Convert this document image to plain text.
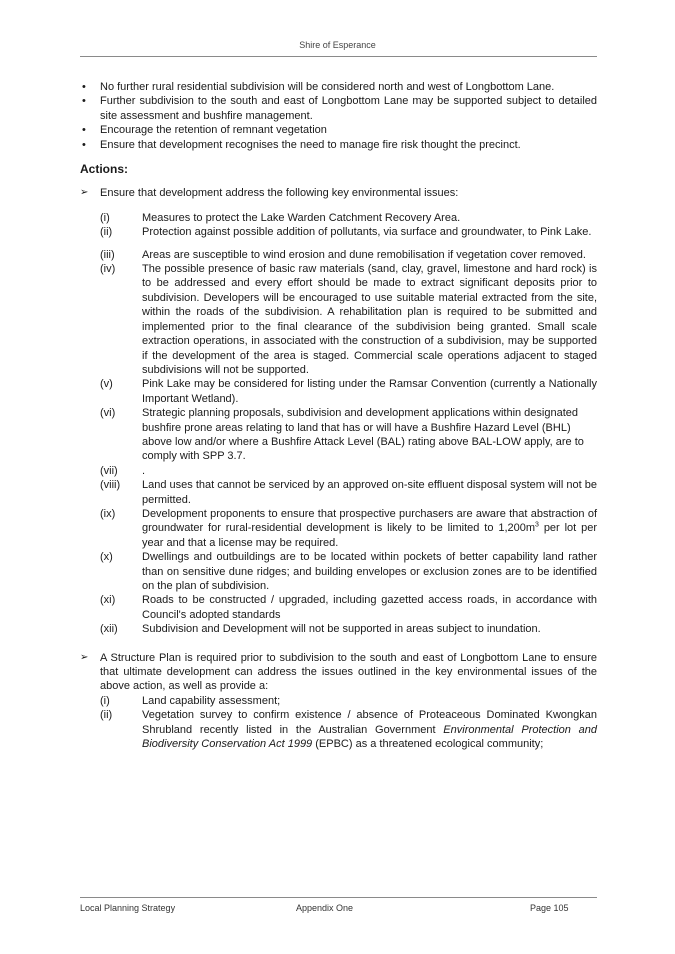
Shire of Esperance
• No further rural residential subdivision will be considered north and west of Longbottom Lane.
• Further subdivision to the south and east of Longbottom Lane may be supported subject to detailed site assessment and bushfire management.
• Encourage the retention of remnant vegetation
• Ensure that development recognises the need to manage fire risk thought the precinct.
Actions:
➢ Ensure that development address the following key environmental issues:
(i)	Measures to protect the Lake Warden Catchment Recovery Area.
(ii)	Protection against possible addition of pollutants, via surface and groundwater, to Pink Lake.
(iii)	Areas are susceptible to wind erosion and dune remobilisation if vegetation cover removed.
(iv)	The possible presence of basic raw materials (sand, clay, gravel, limestone and hard rock) is to be addressed and every effort should be made to extract significant deposits prior to subdivision. Developers will be encouraged to use suitable material extracted from the site, within the roads of the subdivision. A rehabilitation plan is required to be submitted and implemented prior to the final clearance of the subdivision being granted. Small scale extraction operations, in associated with the construction of a subdivision, may be supported if the development of the area is staged. Commercial scale operations adjacent to staged subdivisions will not be supported.
(v)	Pink Lake may be considered for listing under the Ramsar Convention (currently a Nationally Important Wetland).
(vi)	Strategic planning proposals, subdivision and development applications within designated bushfire prone areas relating to land that has or will have a Bushfire Hazard Level (BHL) above low and/or where a Bushfire Attack Level (BAL) rating above BAL-LOW apply, are to comply with SPP 3.7.
(vii)	.
(viii)	Land uses that cannot be serviced by an approved on-site effluent disposal system will not be permitted.
(ix)	Development proponents to ensure that prospective purchasers are aware that abstraction of groundwater for rural-residential development is likely to be limited to $1,200m^3$ per lot per year and that a license may be required.
(x)	Dwellings and outbuildings are to be located within pockets of better capability land rather than on sensitive dune ridges; and building envelopes or exclusion zones are to be identified on the plan of subdivision.
(xi)	Roads to be constructed / upgraded, including gazetted access roads, in accordance with Council's adopted standards
(xii)	Subdivision and Development will not be supported in areas subject to inundation.
➢ A Structure Plan is required prior to subdivision to the south and east of Longbottom Lane to ensure that ultimate development can address the issues outlined in the key environmental issues of the above action, as well as provide a:
(i)	Land capability assessment;
(ii)	Vegetation survey to confirm existence / absence of Proteaceous Dominated Kwongkan Shrubland recently listed in the Australian Government Environmental Protection and Biodiversity Conservation Act 1999 (EPBC) as a threatened ecological community;
Local Planning Strategy	Appendix One	Page 105
